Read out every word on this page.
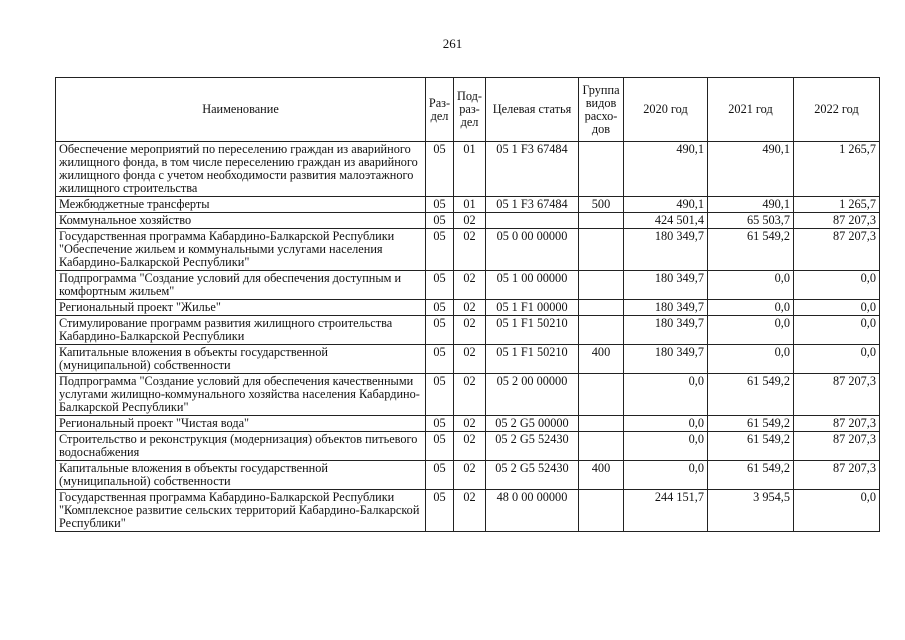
261
Наименование	Раз-дел	Под-раз-дел	Целевая статья	Группа видов расхо-дов	2020 год	2021 год	2022 год
Обеспечение мероприятий по переселению граждан из аварийного жилищного фонда, в том числе переселению граждан из аварийного жилищного фонда с учетом необходимости развития малоэтажного жилищного строительства	05	01	05 1 F3 67484		490,1	490,1	1 265,7
Межбюджетные трансферты	05	01	05 1 F3 67484	500	490,1	490,1	1 265,7
Коммунальное хозяйство	05	02			424 501,4	65 503,7	87 207,3
Государственная программа Кабардино-Балкарской Республики "Обеспечение жильем и коммунальными услугами населения Кабардино-Балкарской Республики"	05	02	05 0 00 00000		180 349,7	61 549,2	87 207,3
Подпрограмма "Создание условий для обеспечения доступным и комфортным жильем"	05	02	05 1 00 00000		180 349,7	0,0	0,0
Региональный проект "Жилье"	05	02	05 1 F1 00000		180 349,7	0,0	0,0
Стимулирование программ развития жилищного строительства Кабардино-Балкарской Республики	05	02	05 1 F1 50210		180 349,7	0,0	0,0
Капитальные вложения в объекты государственной (муниципальной) собственности	05	02	05 1 F1 50210	400	180 349,7	0,0	0,0
Подпрограмма "Создание условий для обеспечения качественными услугами жилищно-коммунального хозяйства населения Кабардино-Балкарской Республики"	05	02	05 2 00 00000		0,0	61 549,2	87 207,3
Региональный проект "Чистая вода"	05	02	05 2 G5 00000		0,0	61 549,2	87 207,3
Строительство и реконструкция (модернизация) объектов питьевого водоснабжения	05	02	05 2 G5 52430		0,0	61 549,2	87 207,3
Капитальные вложения в объекты государственной (муниципальной) собственности	05	02	05 2 G5 52430	400	0,0	61 549,2	87 207,3
Государственная программа Кабардино-Балкарской Республики "Комплексное развитие сельских территорий Кабардино-Балкарской Республики"	05	02	48 0 00 00000		244 151,7	3 954,5	0,0
